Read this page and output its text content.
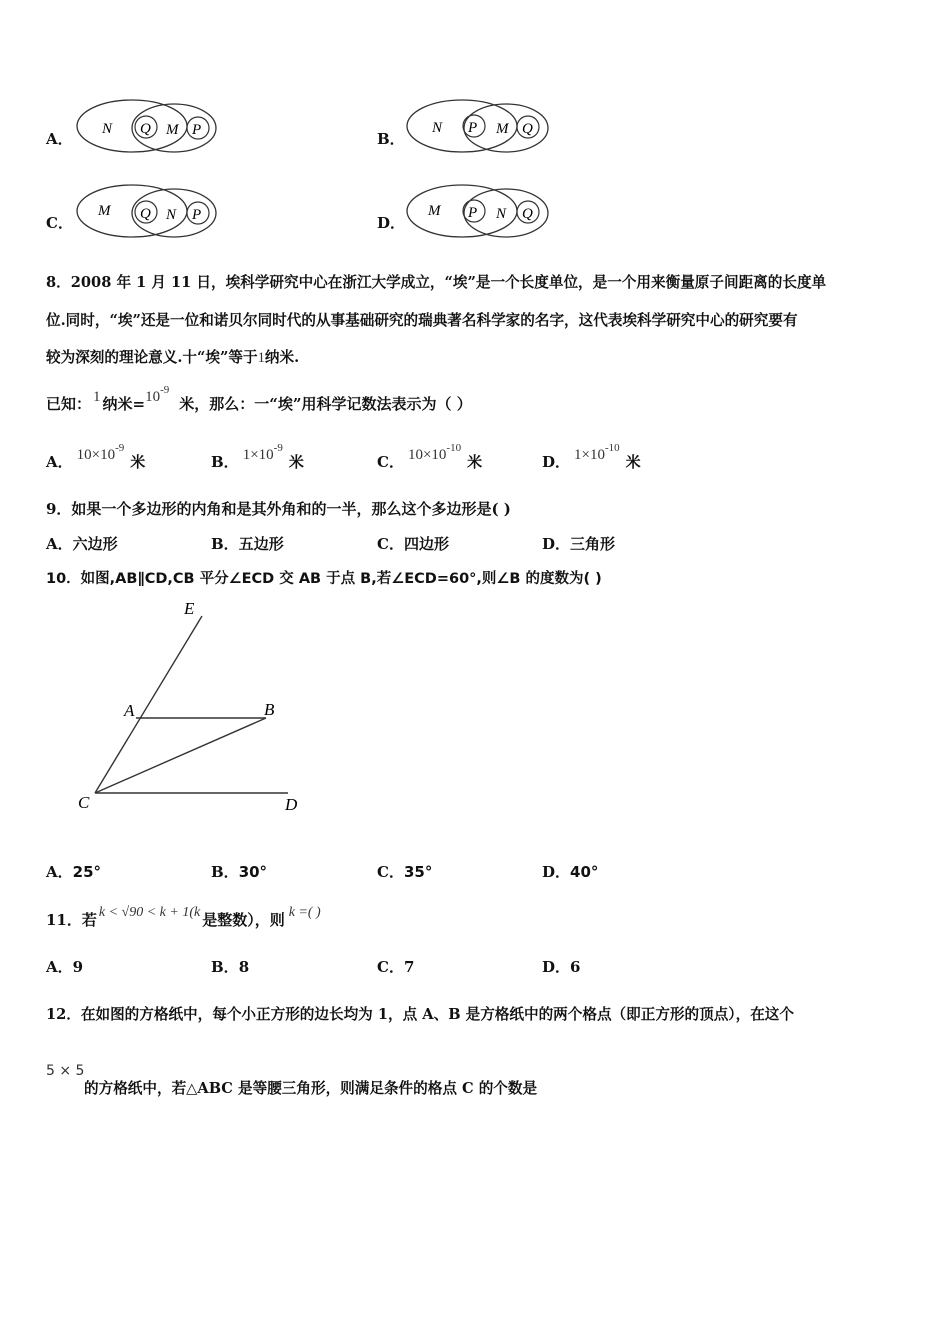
A．
N Q M P	B．
N P M Q
C．
M Q N P	D．
M P N Q
8．2008 年 1 月 11 日，埃科学研究中心在浙江大学成立，“埃”是一个长度单位，是一个用来衡量原子间距离的长度单
位.同时，“埃”还是一位和诺贝尔同时代的从事基础研究的瑞典著名科学家的名字，这代表埃科学研究中心的研究要有
较为深刻的理论意义.十“埃”等于1纳米.
已知： 1 纳米$=10^{-9}$米，那么：一“埃”用科学记数法表示为（ ）
A． $10\times 10^{-9}$米	B． $1\times 10^{-9}$米	C． $10\times 10^{-10}$米	D． $1\times 10^{-10}$米
9．如果一个多边形的内角和是其外角和的一半，那么这个多边形是( )
A．六边形	B．五边形	C．四边形	D．三角形
10．如图,AB∥CD,CB 平分∠ECD 交 AB 于点 B,若∠ECD=60°,则∠B 的度数为( )
E
A	B
C	D
A．25°	B．30°	C．35°	D．40°
11．若 k < √90 < k + 1(k 是整数），则 k =( )
A．9	B．8	C．7	D．6
12．在如图的方格纸中，每个小正方形的边长均为 1，点 A、B 是方格纸中的两个格点（即正方形的顶点），在这个
5 × 5
的方格纸中，若△ABC 是等腰三角形，则满足条件的格点 C 的个数是
